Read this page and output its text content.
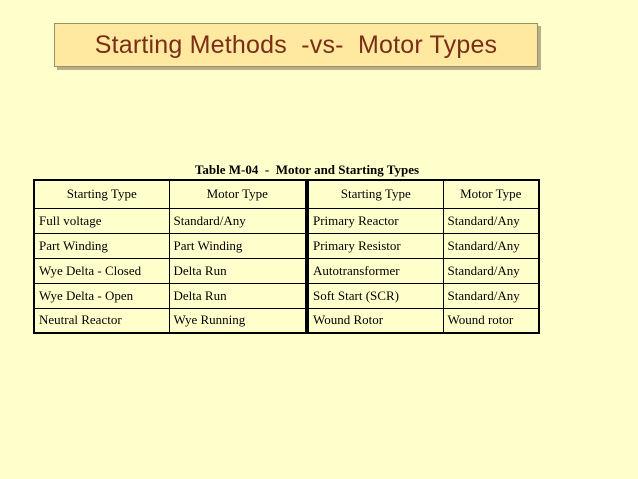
Starting Methods  -vs-  Motor Types
Table M-04  -  Motor and Starting Types
Starting Type	Motor Type
Full voltage	Standard/Any
Part Winding	Part Winding
Wye Delta - Closed	Delta Run
Wye Delta - Open	Delta Run
Neutral Reactor	Wye Running
Starting Type	Motor Type
Primary Reactor	Standard/Any
Primary Resistor	Standard/Any
Autotransformer	Standard/Any
Soft Start (SCR)	Standard/Any
Wound Rotor	Wound rotor
